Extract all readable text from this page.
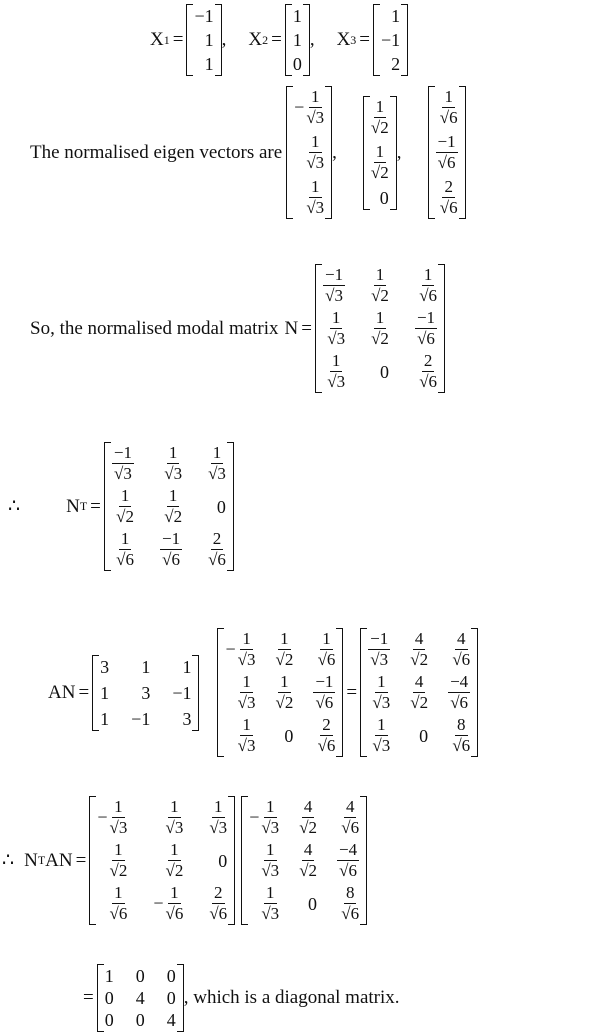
X 1 =
−1
1
1
, X 2 =
1
1
0
, X 3 =
1
−1
2
The normalised eigen vectors are
− $\frac{1}{√3}$
$\frac{1}{√3}$
$\frac{1}{√3}$
,
$\frac{1}{√2}$
$\frac{1}{√2}$
0
,
$\frac{1}{√6}$
$\frac{-1}{√6}$
$\frac{2}{√6}$
So, the normalised modal matrix N =
$\frac{-1}{√3} \frac{1}{√2} \frac{1}{√6}$
$\frac{1}{√3} \frac{1}{√2} \frac{-1}{√6}$
$\frac{1}{√3} 0 \frac{2}{√6}$
∴ N T =
$\frac{-1}{√3} \frac{1}{√3} \frac{1}{√3}$
$\frac{1}{√2} \frac{1}{√2} 0$
$\frac{1}{√6} \frac{-1}{√6} \frac{2}{√6}$
AN =
3 1 1
1 3 −1
1 −1 3
− $\frac{1}{√3} \frac{1}{√2} \frac{1}{√6}$
$\frac{1}{√3} \frac{1}{√2} \frac{-1}{√6}$
$\frac{1}{√3} 0 \frac{2}{√6}$
=
$\frac{-1}{√3} \frac{4}{√2} \frac{4}{√6}$
$\frac{1}{√3} \frac{4}{√2} \frac{-4}{√6}$
$\frac{1}{√3} 0 \frac{8}{√6}$
∴ N T AN =
− $\frac{1}{√3} \frac{1}{√3} \frac{1}{√3}$
$\frac{1}{√2} \frac{1}{√2} 0$
$\frac{1}{√6} - \frac{1}{√6} \frac{2}{√6}$
− $\frac{1}{√3} \frac{4}{√2} \frac{4}{√6}$
$\frac{1}{√3} \frac{4}{√2} \frac{-4}{√6}$
$\frac{1}{√3} 0 \frac{8}{√6}$
=
1 0 0
0 4 0
0 0 4
, which is a diagonal matrix.
